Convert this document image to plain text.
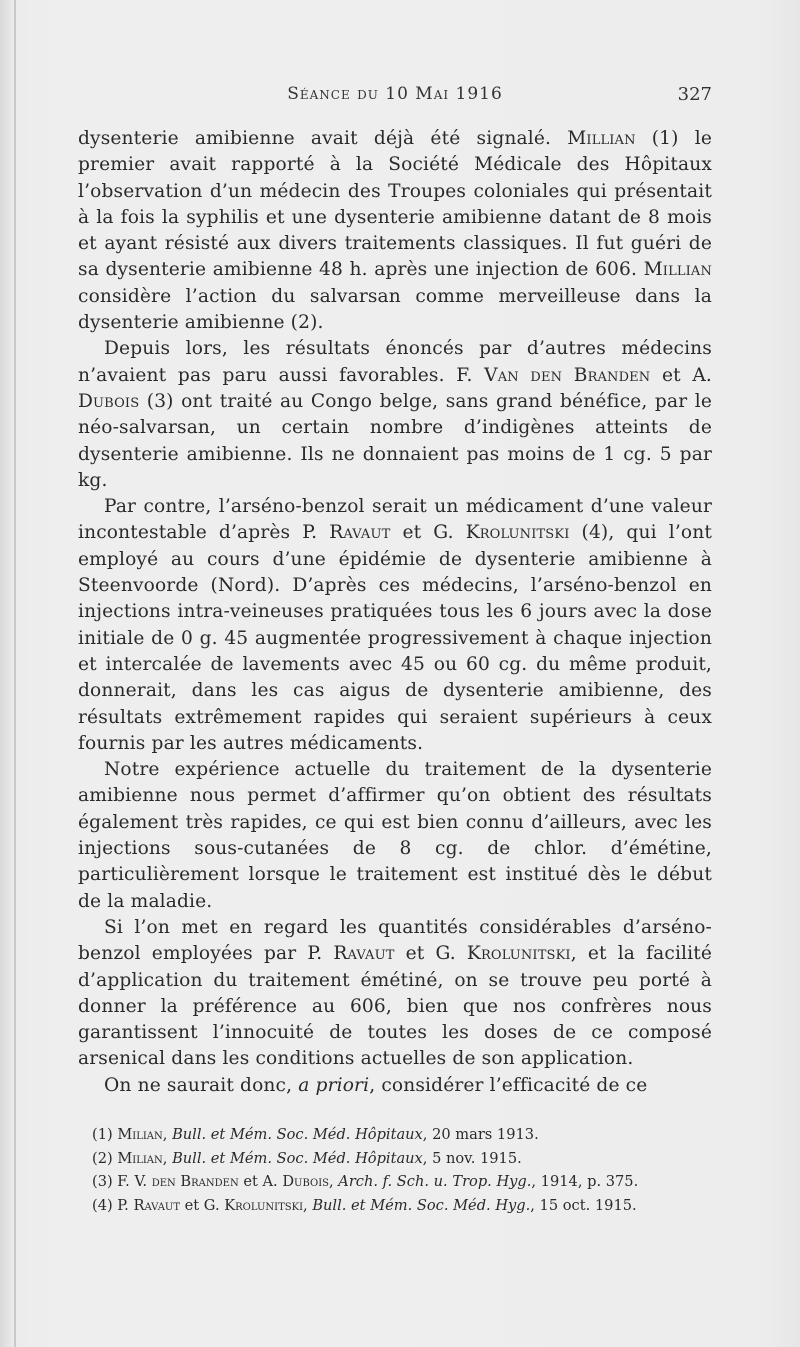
Séance du 10 Mai 1916	327

dysenterie amibienne avait déjà été signalé. Millian (1) le premier avait rapporté à la Société Médicale des Hôpitaux l’observation d’un médecin des Troupes coloniales qui présentait à la fois la syphilis et une dysenterie amibienne datant de 8 mois et ayant résisté aux divers traitements classiques. Il fut guéri de sa dysenterie amibienne 48 h. après une injection de 606. Millian considère l’action du salvarsan comme merveilleuse dans la dysenterie amibienne (2).

Depuis lors, les résultats énoncés par d’autres médecins n’avaient pas paru aussi favorables. F. Van den Branden et A. Dubois (3) ont traité au Congo belge, sans grand bénéfice, par le néo-salvarsan, un certain nombre d’indigènes atteints de dysenterie amibienne. Ils ne donnaient pas moins de 1 cg. 5 par kg.

Par contre, l’arséno-benzol serait un médicament d’une valeur incontestable d’après P. Ravaut et G. Krolunitski (4), qui l’ont employé au cours d’une épidémie de dysenterie amibienne à Steenvoorde (Nord). D’après ces médecins, l’arséno-benzol en injections intra-veineuses pratiquées tous les 6 jours avec la dose initiale de 0 g. 45 augmentée progressivement à chaque injection et intercalée de lavements avec 45 ou 60 cg. du même produit, donnerait, dans les cas aigus de dysenterie amibienne, des résultats extrêmement rapides qui seraient supérieurs à ceux fournis par les autres médicaments.

Notre expérience actuelle du traitement de la dysenterie amibienne nous permet d’affirmer qu’on obtient des résultats également très rapides, ce qui est bien connu d’ailleurs, avec les injections sous-cutanées de 8 cg. de chlor. d’émétine, particulièrement lorsque le traitement est institué dès le début de la maladie.

Si l’on met en regard les quantités considérables d’arséno-benzol employées par P. Ravaut et G. Krolunitski, et la facilité d’application du traitement émétiné, on se trouve peu porté à donner la préférence au 606, bien que nos confrères nous garantissent l’innocuité de toutes les doses de ce composé arsenical dans les conditions actuelles de son application.

On ne saurait donc, a priori, considérer l’efficacité de ce

(1) Milian, Bull. et Mém. Soc. Méd. Hôpitaux, 20 mars 1913.
(2) Milian, Bull. et Mém. Soc. Méd. Hôpitaux, 5 nov. 1915.
(3) F. V. den Branden et A. Dubois, Arch. f. Sch. u. Trop. Hyg., 1914, p. 375.
(4) P. Ravaut et G. Krolunitski, Bull. et Mém. Soc. Méd. Hyg., 15 oct. 1915.
